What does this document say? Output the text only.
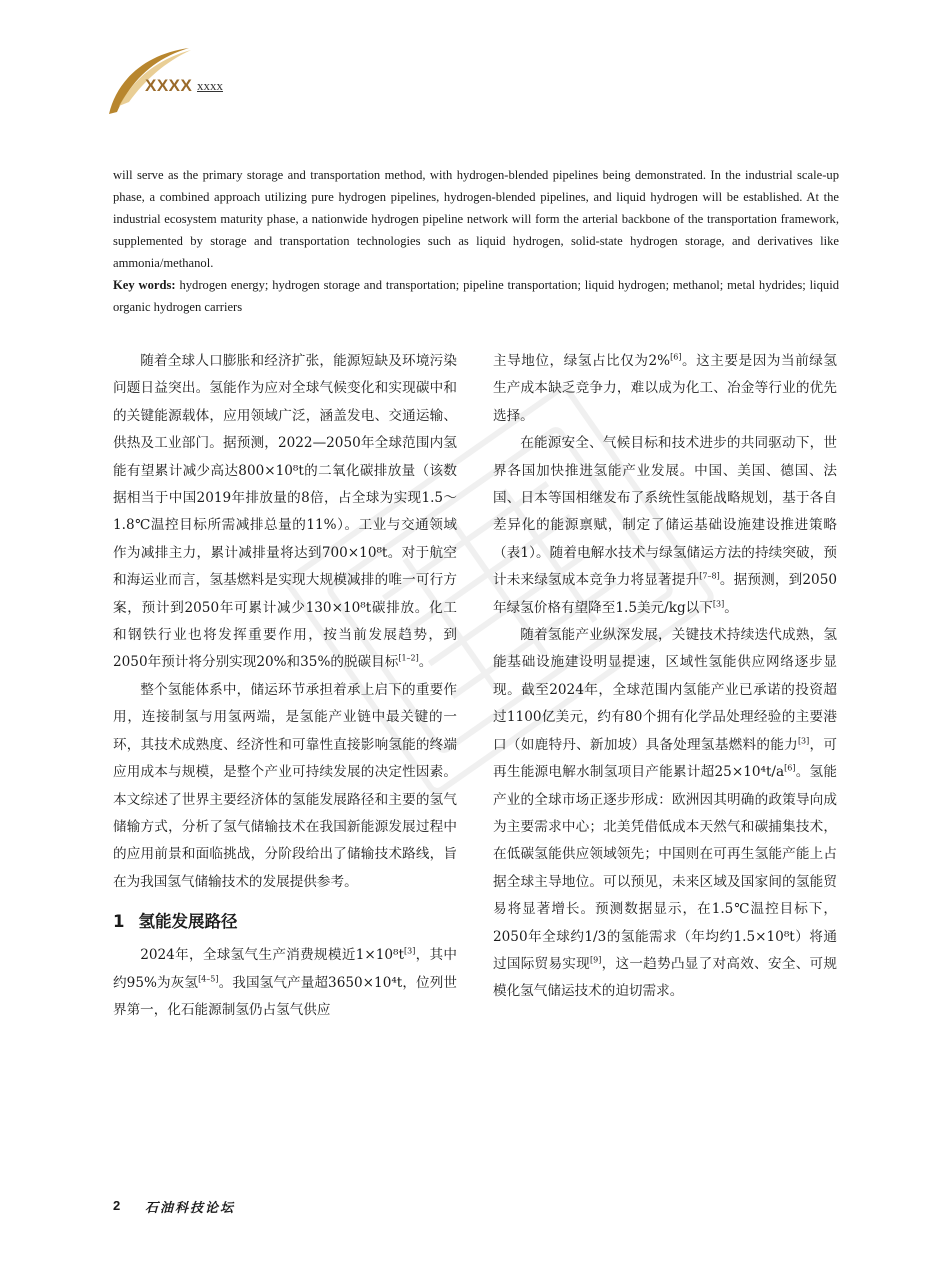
XXXX xxxx

will serve as the primary storage and transportation method, with hydrogen-blended pipelines being demonstrated. In the industrial scale-up phase, a combined approach utilizing pure hydrogen pipelines, hydrogen-blended pipelines, and liquid hydrogen will be established. At the industrial ecosystem maturity phase, a nationwide hydrogen pipeline network will form the arterial backbone of the transportation framework, supplemented by storage and transportation technologies such as liquid hydrogen, solid-state hydrogen storage, and derivatives like ammonia/methanol.

Key words: hydrogen energy; hydrogen storage and transportation; pipeline transportation; liquid hydrogen; methanol; metal hydrides; liquid organic hydrogen carriers

随着全球人口膨胀和经济扩张，能源短缺及环境污染问题日益突出。氢能作为应对全球气候变化和实现碳中和的关键能源载体，应用领域广泛，涵盖发电、交通运输、供热及工业部门。据预测，2022—2050年全球范围内氢能有望累计减少高达800×10⁸t的二氧化碳排放量（该数据相当于中国2019年排放量的8倍，占全球为实现1.5～1.8℃温控目标所需减排总量的11%）。工业与交通领域作为减排主力，累计减排量将达到700×10⁸t。对于航空和海运业而言，氢基燃料是实现大规模减排的唯一可行方案，预计到2050年可累计减少130×10⁸t碳排放。化工和钢铁行业也将发挥重要作用，按当前发展趋势，到2050年预计将分别实现20%和35%的脱碳目标[1–2]。

整个氢能体系中，储运环节承担着承上启下的重要作用，连接制氢与用氢两端，是氢能产业链中最关键的一环，其技术成熟度、经济性和可靠性直接影响氢能的终端应用成本与规模，是整个产业可持续发展的决定性因素。本文综述了世界主要经济体的氢能发展路径和主要的氢气储输方式，分析了氢气储输技术在我国新能源发展过程中的应用前景和面临挑战，分阶段给出了储输技术路线，旨在为我国氢气储输技术的发展提供参考。

1 氢能发展路径

2024年，全球氢气生产消费规模近1×10⁸t[3]，其中约95%为灰氢[4–5]。我国氢气产量超3650×10⁴t，位列世界第一，化石能源制氢仍占氢气供应

主导地位，绿氢占比仅为2%[6]。这主要是因为当前绿氢生产成本缺乏竞争力，难以成为化工、冶金等行业的优先选择。

在能源安全、气候目标和技术进步的共同驱动下，世界各国加快推进氢能产业发展。中国、美国、德国、法国、日本等国相继发布了系统性氢能战略规划，基于各自差异化的能源禀赋，制定了储运基础设施建设推进策略（表1）。随着电解水技术与绿氢储运方法的持续突破，预计未来绿氢成本竞争力将显著提升[7–8]。据预测，到2050年绿氢价格有望降至1.5美元/kg以下[3]。

随着氢能产业纵深发展，关键技术持续迭代成熟，氢能基础设施建设明显提速，区域性氢能供应网络逐步显现。截至2024年，全球范围内氢能产业已承诺的投资超过1100亿美元，约有80个拥有化学品处理经验的主要港口（如鹿特丹、新加坡）具备处理氢基燃料的能力[3]，可再生能源电解水制氢项目产能累计超25×10⁴t/a[6]。氢能产业的全球市场正逐步形成：欧洲因其明确的政策导向成为主要需求中心；北美凭借低成本天然气和碳捕集技术，在低碳氢能供应领域领先；中国则在可再生氢能产能上占据全球主导地位。可以预见，未来区域及国家间的氢能贸易将显著增长。预测数据显示，在1.5℃温控目标下，2050年全球约1/3的氢能需求（年均约1.5×10⁸t）将通过国际贸易实现[9]，这一趋势凸显了对高效、安全、可规模化氢气储运技术的迫切需求。

2 石油科技论坛
